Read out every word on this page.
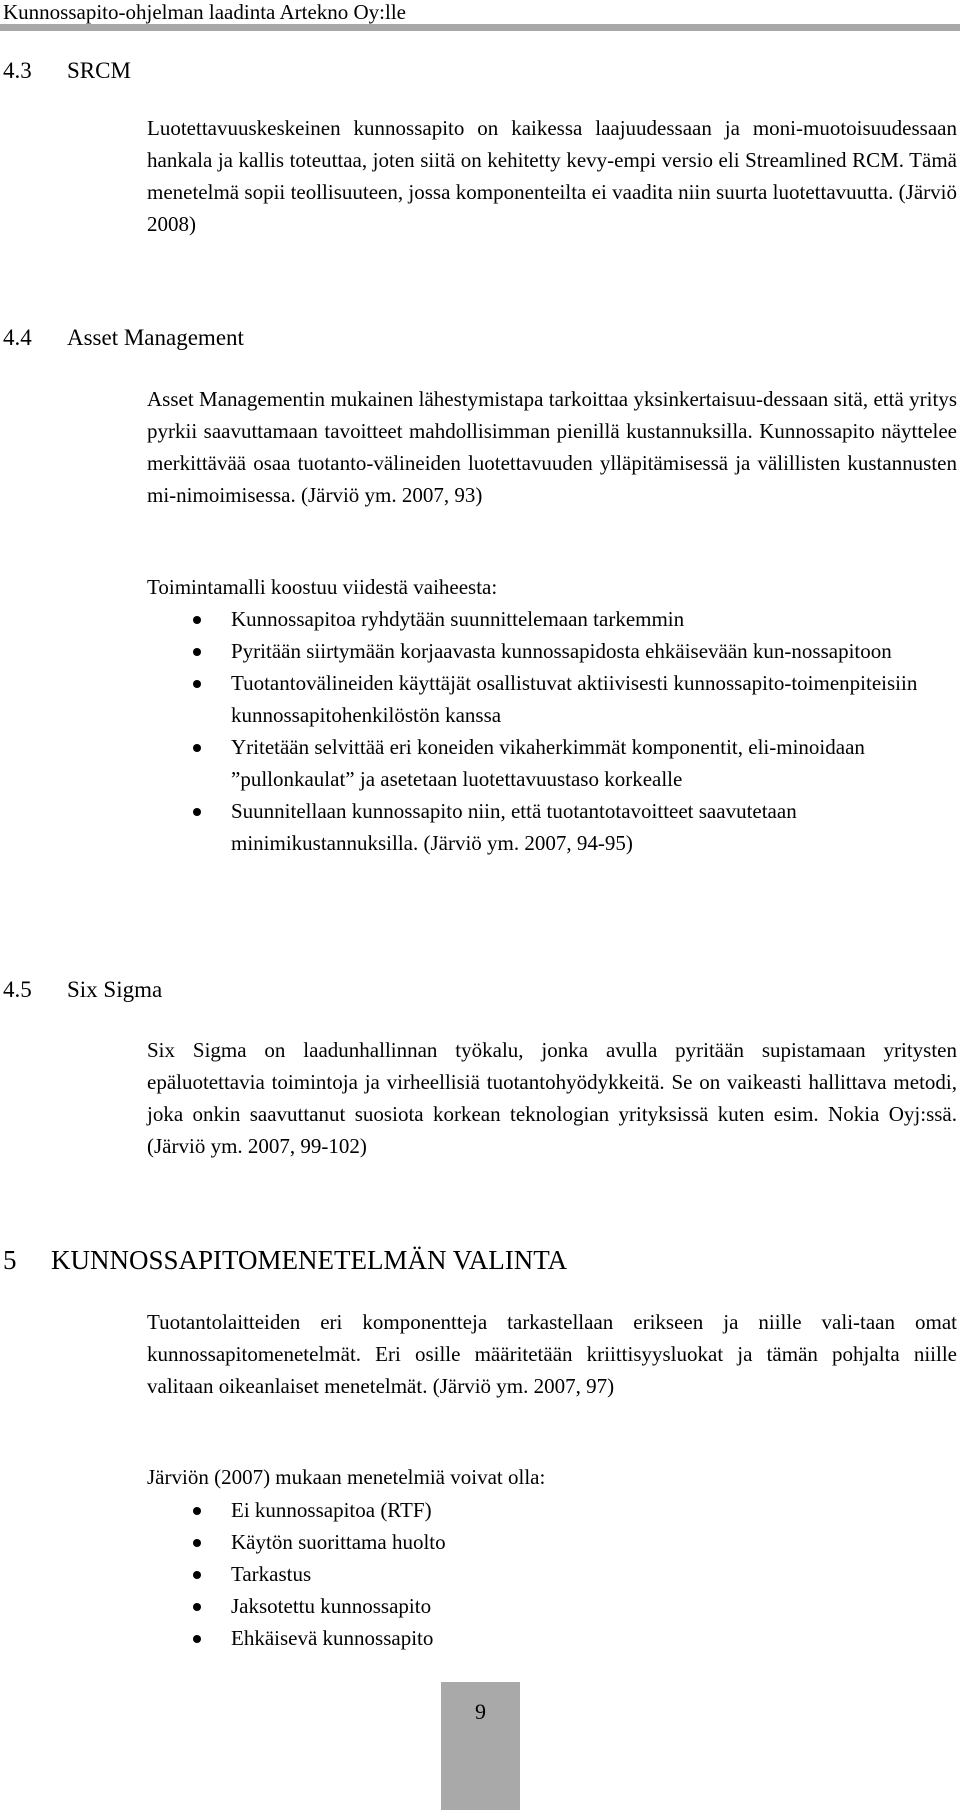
Kunnossapito-ohjelman laadinta Artekno Oy:lle
4.3 SRCM
Luotettavuuskeskeinen kunnossapito on kaikessa laajuudessaan ja moni-muotoisuudessaan hankala ja kallis toteuttaa, joten siitä on kehitetty kevy-empi versio eli Streamlined RCM. Tämä menetelmä sopii teollisuuteen, jossa komponenteilta ei vaadita niin suurta luotettavuutta. (Järviö 2008)
4.4 Asset Management
Asset Managementin mukainen lähestymistapa tarkoittaa yksinkertaisuu-dessaan sitä, että yritys pyrkii saavuttamaan tavoitteet mahdollisimman pienillä kustannuksilla. Kunnossapito näyttelee merkittävää osaa tuotanto-välineiden luotettavuuden ylläpitämisessä ja välillisten kustannusten mi-nimoimisessa. (Järviö ym. 2007, 93)
Toimintamalli koostuu viidestä vaiheesta:
Kunnossapitoa ryhdytään suunnittelemaan tarkemmin
Pyritään siirtymään korjaavasta kunnossapidosta ehkäisevään kun-nossapitoon
Tuotantovälineiden käyttäjät osallistuvat aktiivisesti kunnossapito-toimenpiteisiin kunnossapitohenkilöstön kanssa
Yritetään selvittää eri koneiden vikaherkimmät komponentit, eli-minoidaan ”pullonkaulat” ja asetetaan luotettavuustaso korkealle
Suunnitellaan kunnossapito niin, että tuotantotavoitteet saavutetaan minimikustannuksilla. (Järviö ym. 2007, 94-95)
4.5 Six Sigma
Six Sigma on laadunhallinnan työkalu, jonka avulla pyritään supistamaan yritysten epäluotettavia toimintoja ja virheellisiä tuotantohyödykkeitä. Se on vaikeasti hallittava metodi, joka onkin saavuttanut suosiota korkean teknologian yrityksissä kuten esim. Nokia Oyj:ssä. (Järviö ym. 2007, 99-102)
5 KUNNOSSAPITOMENETELMÄN VALINTA
Tuotantolaitteiden eri komponentteja tarkastellaan erikseen ja niille vali-taan omat kunnossapitomenetelmät. Eri osille määritetään kriittisyysluokat ja tämän pohjalta niille valitaan oikeanlaiset menetelmät. (Järviö ym. 2007, 97)
Järviön (2007) mukaan menetelmiä voivat olla:
Ei kunnossapitoa (RTF)
Käytön suorittama huolto
Tarkastus
Jaksotettu kunnossapito
Ehkäisevä kunnossapito
9
